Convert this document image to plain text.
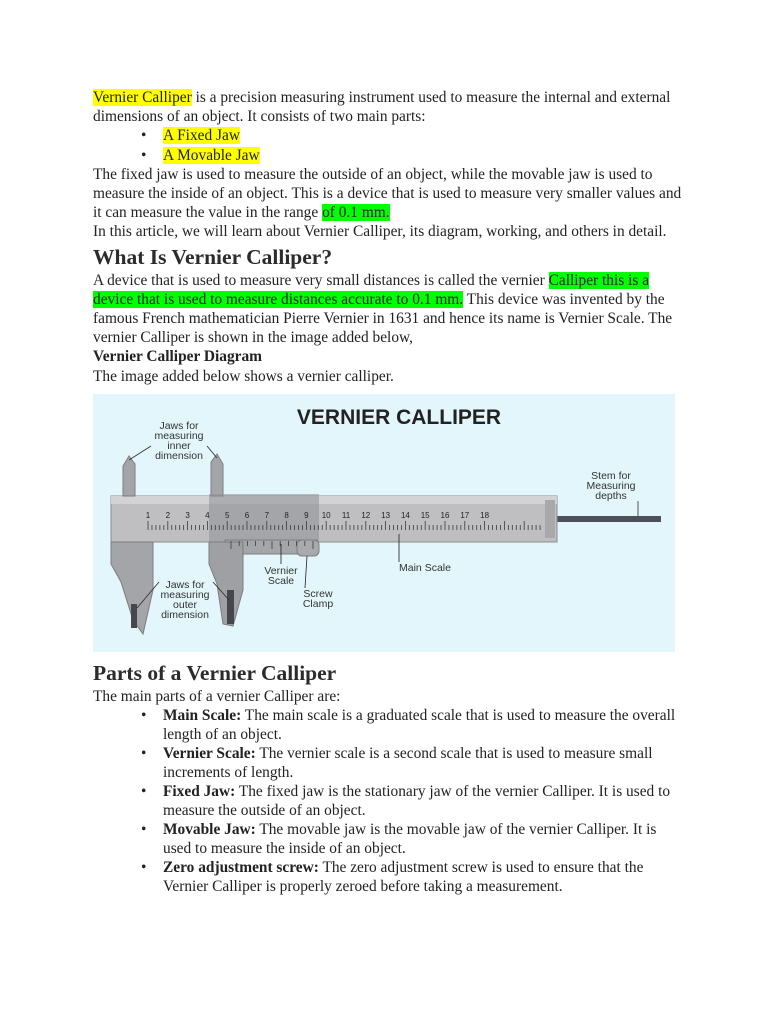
Vernier Calliper is a precision measuring instrument used to measure the internal and external dimensions of an object. It consists of two main parts:

• A Fixed Jaw
• A Movable Jaw

The fixed jaw is used to measure the outside of an object, while the movable jaw is used to measure the inside of an object. This is a device that is used to measure very smaller values and it can measure the value in the range of 0.1 mm.

In this article, we will learn about Vernier Calliper, its diagram, working, and others in detail.

What Is Vernier Calliper?

A device that is used to measure very small distances is called the vernier Calliper this is a device that is used to measure distances accurate to 0.1 mm. This device was invented by the famous French mathematician Pierre Vernier in 1631 and hence its name is Vernier Scale. The vernier Calliper is shown in the image added below,

Vernier Calliper Diagram

The image added below shows a vernier calliper.

1 2 3 4 5 6 7 8 9 10 11 12 13 14 15 16 17 18
VERNIER CALLIPER
Jaws for
measuring
inner
dimension
Jaws for
measuring
outer
dimension
Vernier
Scale
Screw
Clamp
Main Scale
Stem for
Measuring
depths
Parts of a Vernier Calliper

The main parts of a vernier Calliper are:

• Main Scale: The main scale is a graduated scale that is used to measure the overall length of an object.
• Vernier Scale: The vernier scale is a second scale that is used to measure small increments of length.
• Fixed Jaw: The fixed jaw is the stationary jaw of the vernier Calliper. It is used to measure the outside of an object.
• Movable Jaw: The movable jaw is the movable jaw of the vernier Calliper. It is used to measure the inside of an object.
• Zero adjustment screw: The zero adjustment screw is used to ensure that the Vernier Calliper is properly zeroed before taking a measurement.
